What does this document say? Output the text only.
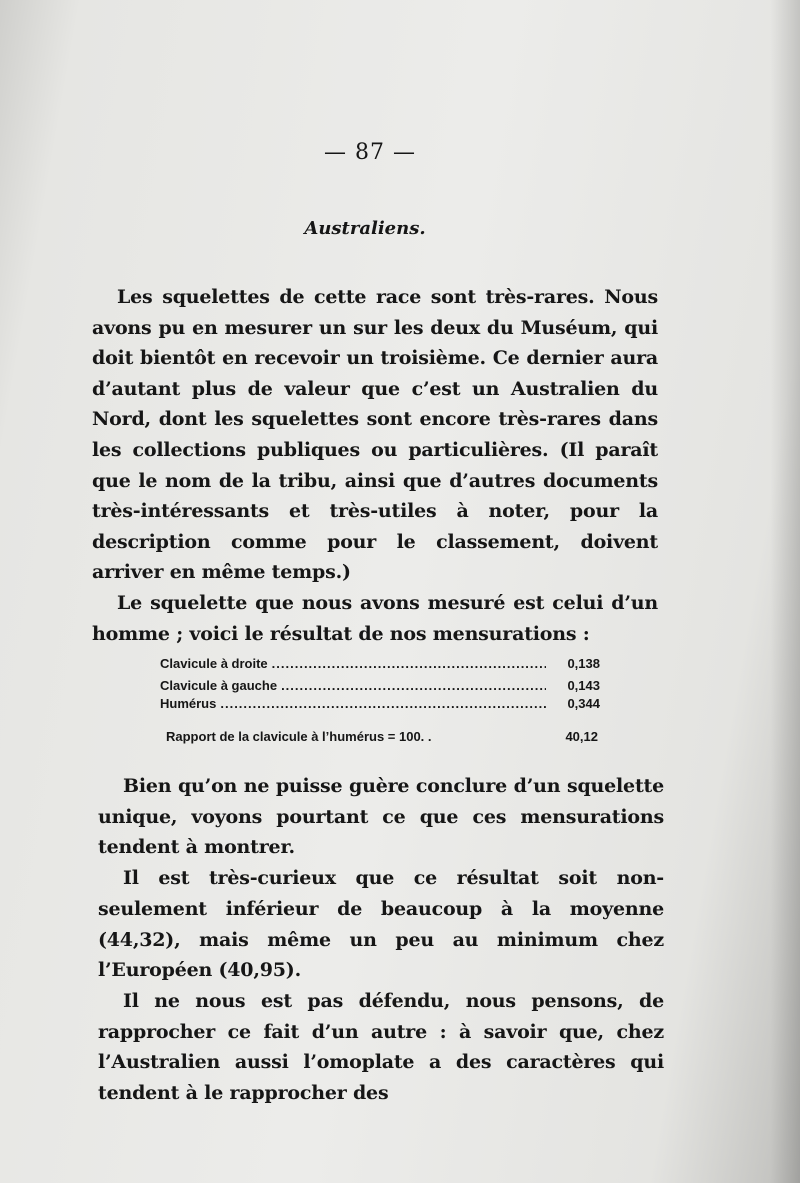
— 87 —
Australiens.

Les squelettes de cette race sont très-rares. Nous avons pu en mesurer un sur les deux du Muséum, qui doit bientôt en recevoir un troisième. Ce dernier aura d’autant plus de valeur que c’est un Australien du Nord, dont les squelettes sont encore très-rares dans les collections publiques ou particulières. (Il paraît que le nom de la tribu, ainsi que d’autres documents très-intéressants et très-utiles à noter, pour la description comme pour le classement, doivent arriver en même temps.)

Le squelette que nous avons mesuré est celui d’un homme ; voici le résultat de nos mensurations :

Clavicule à droite .....	0,138
Clavicule à gauche .....	0,143
Humérus .....	0,344
Rapport de la clavicule à l’humérus = 100. .	40,12

Bien qu’on ne puisse guère conclure d’un squelette unique, voyons pourtant ce que ces mensurations tendent à montrer.

Il est très-curieux que ce résultat soit non-seulement inférieur de beaucoup à la moyenne (44,32), mais même un peu au minimum chez l’Européen (40,95).

Il ne nous est pas défendu, nous pensons, de rapprocher ce fait d’un autre : à savoir que, chez l’Australien aussi l’omoplate a des caractères qui tendent à le rapprocher des
